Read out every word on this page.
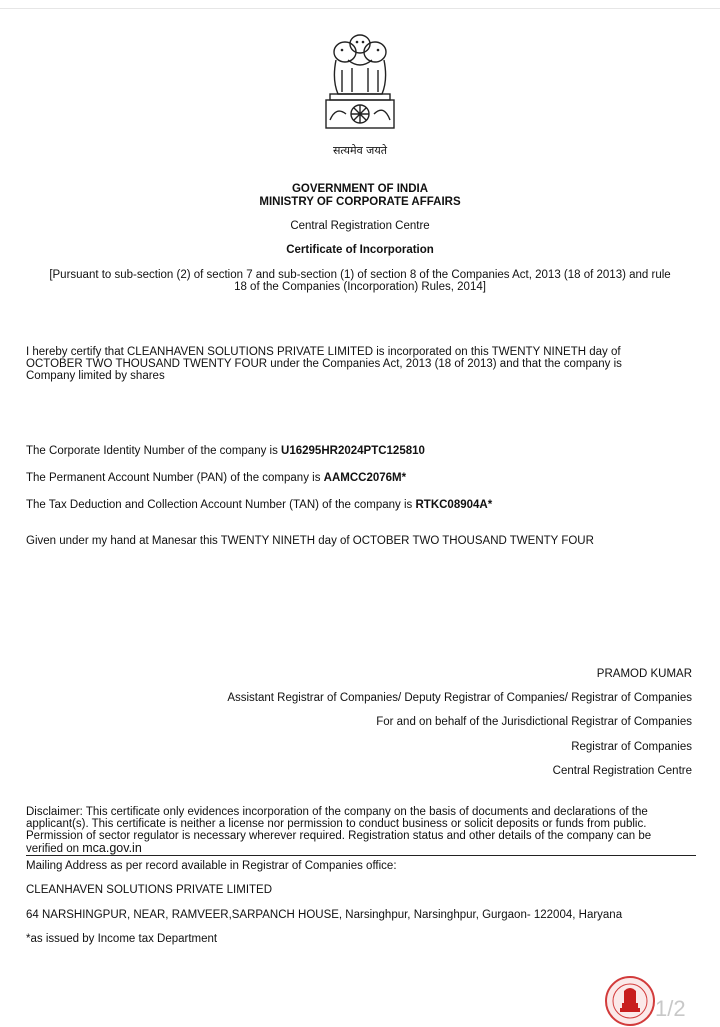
सत्यमेव जयते
GOVERNMENT OF INDIA
MINISTRY OF CORPORATE AFFAIRS
Central Registration Centre
Certificate of Incorporation
[Pursuant to sub-section (2) of section 7 and sub-section (1) of section 8 of the Companies Act, 2013 (18 of 2013) and rule
18 of the Companies (Incorporation) Rules, 2014]
I hereby certify that CLEANHAVEN SOLUTIONS PRIVATE LIMITED is incorporated on this TWENTY NINETH day of
OCTOBER TWO THOUSAND TWENTY FOUR under the Companies Act, 2013 (18 of 2013) and that the company is
Company limited by shares
The Corporate Identity Number of the company is U16295HR2024PTC125810
The Permanent Account Number (PAN) of the company is AAMCC2076M*
The Tax Deduction and Collection Account Number (TAN) of the company is RTKC08904A*
Given under my hand at Manesar this TWENTY NINETH day of OCTOBER TWO THOUSAND TWENTY FOUR
PRAMOD KUMAR
Assistant Registrar of Companies/ Deputy Registrar of Companies/ Registrar of Companies
For and on behalf of the Jurisdictional Registrar of Companies
Registrar of Companies
Central Registration Centre
Disclaimer: This certificate only evidences incorporation of the company on the basis of documents and declarations of the
applicant(s). This certificate is neither a license nor permission to conduct business or solicit deposits or funds from public.
Permission of sector regulator is necessary wherever required. Registration status and other details of the company can be
verified on mca.gov.in
Mailing Address as per record available in Registrar of Companies office:
CLEANHAVEN SOLUTIONS PRIVATE LIMITED
64 NARSHINGPUR, NEAR, RAMVEER,SARPANCH HOUSE, Narsinghpur, Narsinghpur, Gurgaon- 122004, Haryana
*as issued by Income tax Department
1/2
